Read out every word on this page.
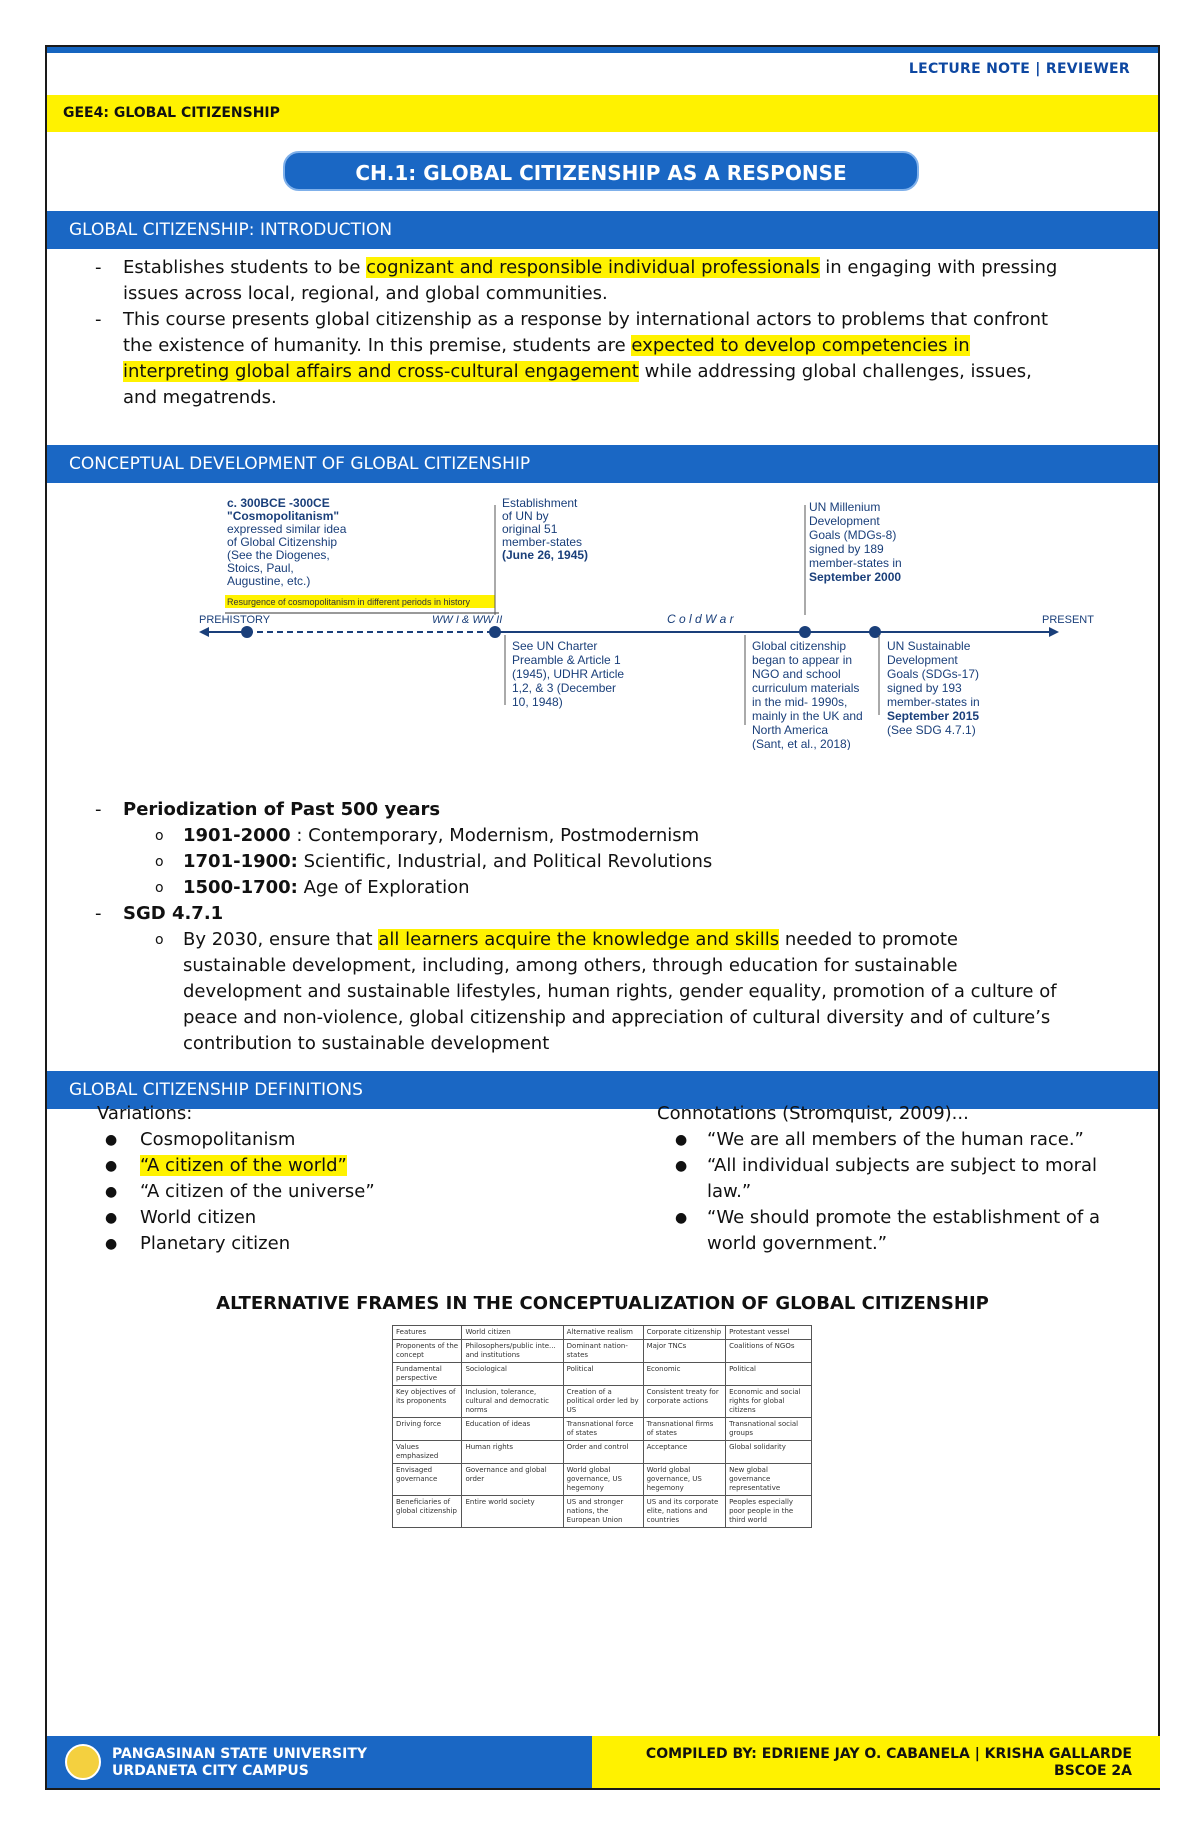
LECTURE NOTE | REVIEWER
GEE4: GLOBAL CITIZENSHIP
CH.1: GLOBAL CITIZENSHIP AS A RESPONSE
GLOBAL CITIZENSHIP: INTRODUCTION
- Establishes students to be cognizant and responsible individual professionals in engaging with pressing
issues across local, regional, and global communities.
- This course presents global citizenship as a response by international actors to problems that confront
the existence of humanity. In this premise, students are expected to develop competencies in
interpreting global affairs and cross-cultural engagement while addressing global challenges, issues,
and megatrends.
CONCEPTUAL DEVELOPMENT OF GLOBAL CITIZENSHIP
c. 300BCE -300CE "Cosmopolitanism" expressed similar idea of Global Citizenship (See the Diogenes, Stoics, Paul, Augustine, etc.)
Resurgence of cosmopolitanism in different periods in history
Establishment of UN by original 51 member-states (June 26, 1945)
UN Millenium Development Goals (MDGs-8) signed by 189 member-states in September 2000
PREHISTORY	PRESENT
WW I & WW II	C o l d W a r
See UN Charter Preamble & Article 1 (1945), UDHR Article 1,2, & 3 (December 10, 1948)
Global citizenship began to appear in NGO and school curriculum materials in the mid- 1990s, mainly in the UK and North America (Sant, et al., 2018)
UN Sustainable Development Goals (SDGs-17) signed by 193 member-states in September 2015 (See SDG 4.7.1)
- Periodization of Past 500 years
o 1901-2000 : Contemporary, Modernism, Postmodernism
o 1701-1900: Scientific, Industrial, and Political Revolutions
o 1500-1700: Age of Exploration
- SGD 4.7.1
o By 2030, ensure that all learners acquire the knowledge and skills needed to promote
sustainable development, including, among others, through education for sustainable
development and sustainable lifestyles, human rights, gender equality, promotion of a culture of
peace and non-violence, global citizenship and appreciation of cultural diversity and of culture’s
contribution to sustainable development
GLOBAL CITIZENSHIP DEFINITIONS
Variations:
● Cosmopolitanism
● “A citizen of the world”
● “A citizen of the universe”
● World citizen
● Planetary citizen
Connotations (Stromquist, 2009)...
● “We are all members of the human race.”
● “All individual subjects are subject to moral
law.”
● “We should promote the establishment of a
world government.”
ALTERNATIVE FRAMES IN THE CONCEPTUALIZATION OF GLOBAL CITIZENSHIP
Features	World citizen	Alternative realism	Corporate citizenship	Protestant vessel
Proponents of the concept	Philosophers/public inte... and institutions	Dominant nation-states	Major TNCs	Coalitions of NGOs
Fundamental perspective	Sociological	Political	Economic	Political
Key objectives of its proponents	Inclusion, tolerance, cultural and democratic norms	Creation of a political order led by US	Consistent treaty for corporate actions	Economic and social rights for global citizens
Driving force	Education of ideas	Transnational force of states	Transnational firms of states	Transnational social groups
Values emphasized	Human rights	Order and control	Acceptance	Global solidarity
Envisaged governance	Governance and global order	World global governance, US hegemony	World global governance, US hegemony	New global governance representative
Beneficiaries of global citizenship	Entire world society	US and stronger nations, the European Union	US and its corporate elite, nations and countries	Peoples especially poor people in the third world
PANGASINAN STATE UNIVERSITY
URDANETA CITY CAMPUS
COMPILED BY: EDRIENE JAY O. CABANELA | KRISHA GALLARDE
BSCOE 2A
